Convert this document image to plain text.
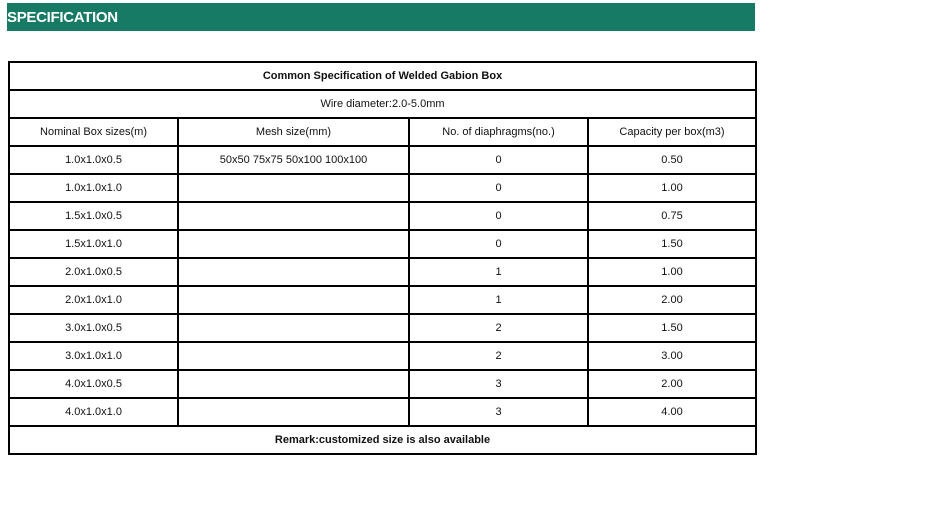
SPECIFICATION
Common Specification of Welded Gabion Box			
Wire diameter:2.0-5.0mm			
Nominal Box sizes(m)	Mesh size(mm)	No. of diaphragms(no.)	Capacity per box(m3)
1.0x1.0x0.5	50x50 75x75 50x100 100x100	0	0.50
1.0x1.0x1.0		0	1.00
1.5x1.0x0.5		0	0.75
1.5x1.0x1.0		0	1.50
2.0x1.0x0.5		1	1.00
2.0x1.0x1.0		1	2.00
3.0x1.0x0.5		2	1.50
3.0x1.0x1.0		2	3.00
4.0x1.0x0.5		3	2.00
4.0x1.0x1.0		3	4.00
Remark:customized size is also available			
